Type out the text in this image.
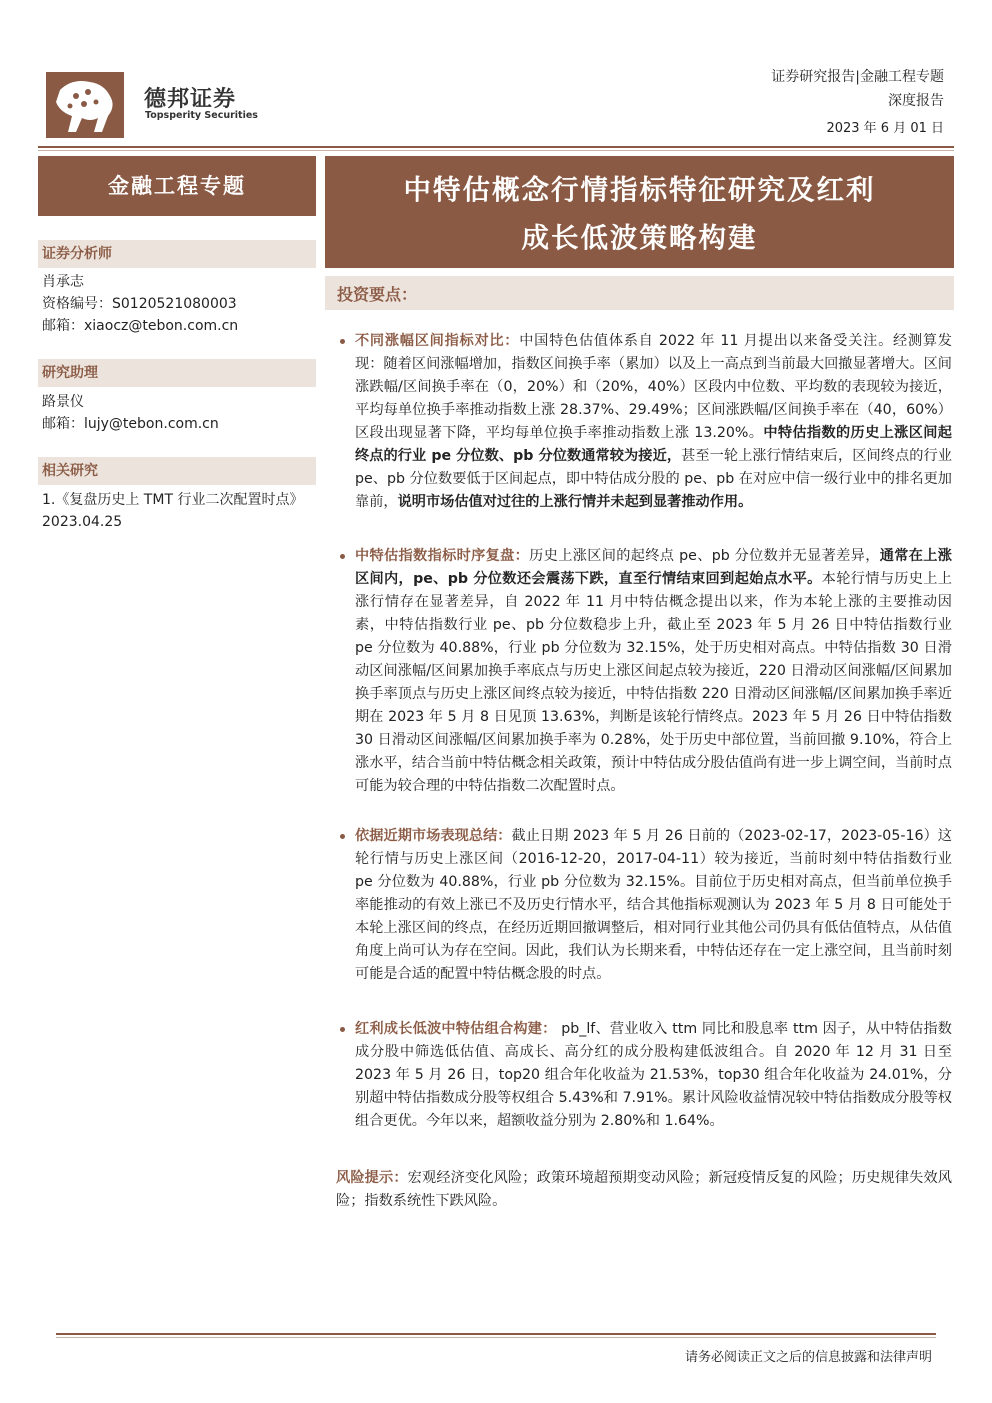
德邦证券
Topsperity Securities
证券研究报告|金融工程专题
深度报告
2023 年 6 月 01 日
金融工程专题
证券分析师
肖承志
资格编号：S0120521080003
邮箱：xiaocz@tebon.com.cn
研究助理
路景仪
邮箱：lujy@tebon.com.cn
相关研究
1.《复盘历史上 TMT 行业二次配置时点》2023.04.25
中特估概念行情指标特征研究及红利
成长低波策略构建
投资要点：
不同涨幅区间指标对比：中国特色估值体系自 2022 年 11 月提出以来备受关注。经测算发现：随着区间涨幅增加，指数区间换手率（累加）以及上一高点到当前最大回撤显著增大。区间涨跌幅/区间换手率在（0，20%）和（20%，40%）区段内中位数、平均数的表现较为接近，平均每单位换手率推动指数上涨 28.37%、29.49%；区间涨跌幅/区间换手率在（40，60%）区段出现显著下降，平均每单位换手率推动指数上涨 13.20%。中特估指数的历史上涨区间起终点的行业 pe 分位数、pb 分位数通常较为接近，甚至一轮上涨行情结束后，区间终点的行业 pe、pb 分位数要低于区间起点，即中特估成分股的 pe、pb 在对应中信一级行业中的排名更加靠前，说明市场估值对过往的上涨行情并未起到显著推动作用。
中特估指数指标时序复盘：历史上涨区间的起终点 pe、pb 分位数并无显著差异，通常在上涨区间内，pe、pb 分位数还会震荡下跌，直至行情结束回到起始点水平。本轮行情与历史上上涨行情存在显著差异，自 2022 年 11 月中特估概念提出以来，作为本轮上涨的主要推动因素，中特估指数行业 pe、pb 分位数稳步上升，截止至 2023 年 5 月 26 日中特估指数行业 pe 分位数为 40.88%，行业 pb 分位数为 32.15%，处于历史相对高点。中特估指数 30 日滑动区间涨幅/区间累加换手率底点与历史上涨区间起点较为接近，220 日滑动区间涨幅/区间累加换手率顶点与历史上涨区间终点较为接近，中特估指数 220 日滑动区间涨幅/区间累加换手率近期在 2023 年 5 月 8 日见顶 13.63%，判断是该轮行情终点。2023 年 5 月 26 日中特估指数 30 日滑动区间涨幅/区间累加换手率为 0.28%，处于历史中部位置，当前回撤 9.10%，符合上涨水平，结合当前中特估概念相关政策，预计中特估成分股估值尚有进一步上调空间，当前时点可能为较合理的中特估指数二次配置时点。
依据近期市场表现总结：截止日期 2023 年 5 月 26 日前的（2023-02-17，2023-05-16）这轮行情与历史上涨区间（2016-12-20，2017-04-11）较为接近，当前时刻中特估指数行业 pe 分位数为 40.88%，行业 pb 分位数为 32.15%。目前位于历史相对高点，但当前单位换手率能推动的有效上涨已不及历史行情水平，结合其他指标观测认为 2023 年 5 月 8 日可能处于本轮上涨区间的终点，在经历近期回撤调整后，相对同行业其他公司仍具有低估值特点，从估值角度上尚可认为存在空间。因此，我们认为长期来看，中特估还存在一定上涨空间，且当前时刻可能是合适的配置中特估概念股的时点。
红利成长低波中特估组合构建： pb_lf、营业收入 ttm 同比和股息率 ttm 因子，从中特估指数成分股中筛选低估值、高成长、高分红的成分股构建低波组合。自 2020 年 12 月 31 日至 2023 年 5 月 26 日，top20 组合年化收益为 21.53%，top30 组合年化收益为 24.01%，分别超中特估指数成分股等权组合 5.43%和 7.91%。累计风险收益情况较中特估指数成分股等权组合更优。今年以来，超额收益分别为 2.80%和 1.64%。
风险提示：宏观经济变化风险；政策环境超预期变动风险；新冠疫情反复的风险；历史规律失效风险；指数系统性下跌风险。
请务必阅读正文之后的信息披露和法律声明
